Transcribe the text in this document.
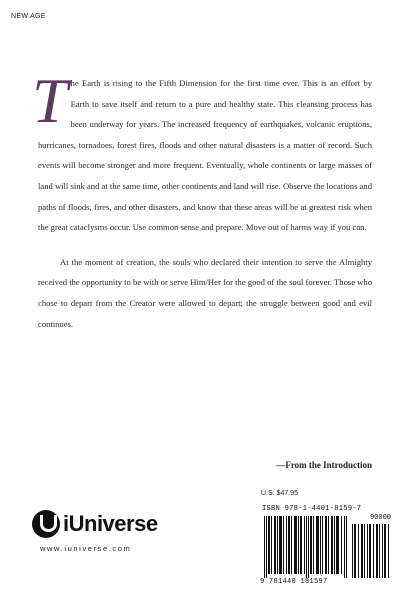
NEW AGE
The Earth is rising to the Fifth Dimension for the first time ever. This is an effort by Earth to save itself and return to a pure and healthy state. This cleansing process has been underway for years. The increased frequency of earthquakes, volcanic eruptions, hurricanes, tornadoes, forest fires, floods and other natural disasters is a matter of record. Such events will become stronger and more frequent. Eventually, whole continents or large masses of land will sink and at the same time, other continents and land will rise. Observe the locations and paths of floods, fires, and other disasters, and know that these areas will be at greatest risk when the great cataclysms occur. Use common sense and prepare. Move out of harms way if you can.
At the moment of creation, the souls who declared their intention to serve the Almighty received the opportunity to be with or serve Him/Her for the good of the soul forever. Those who chose to depart from the Creator were allowed to depart; the struggle between good and evil continues.
—From the Introduction
iUniverse
www.iuniverse.com
U.S. $47.95
ISBN 978-1-4401-8159-7
90000
9 781440 181597
